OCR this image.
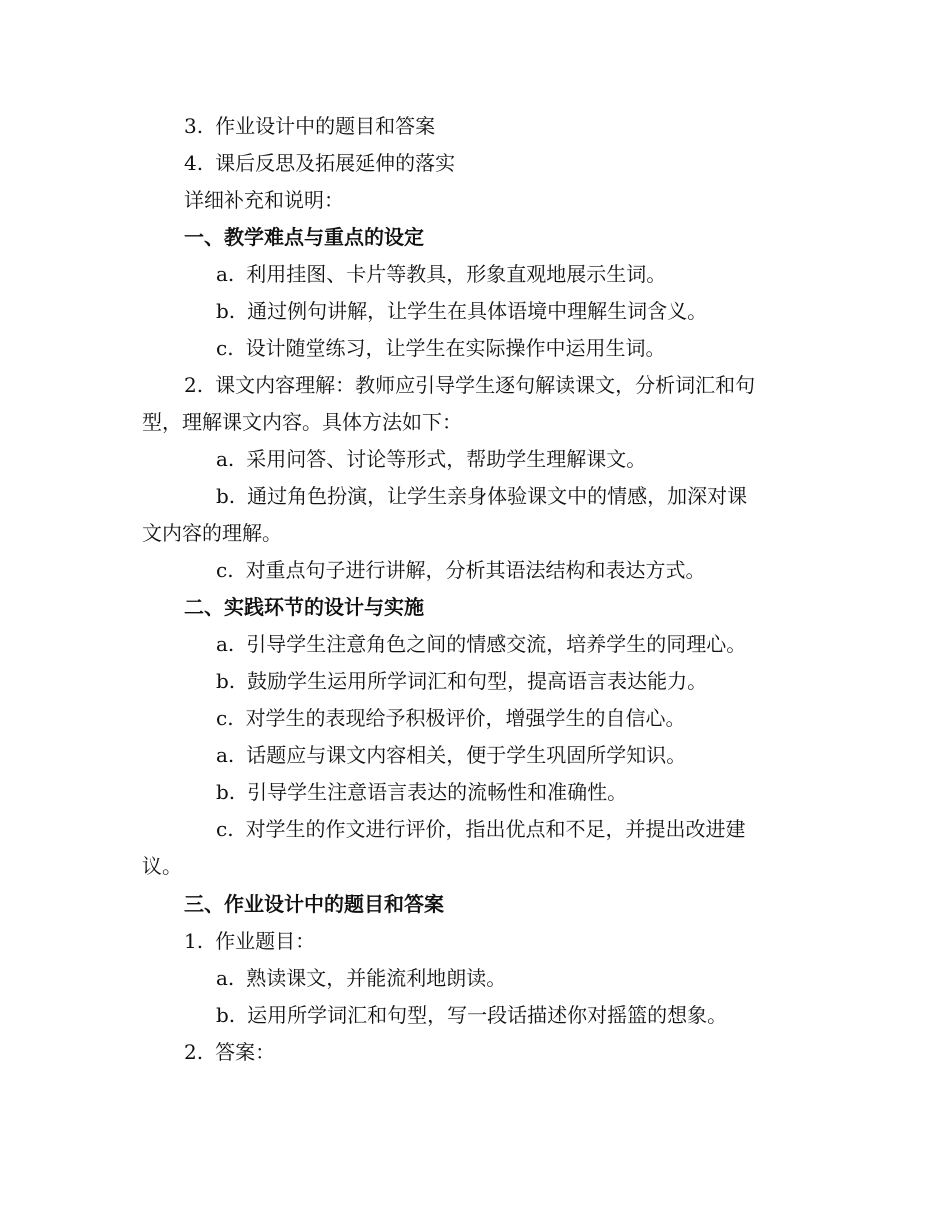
3. 作业设计中的题目和答案
4. 课后反思及拓展延伸的落实
详细补充和说明：
一、教学难点与重点的设定
a. 利用挂图、卡片等教具，形象直观地展示生词。
b. 通过例句讲解，让学生在具体语境中理解生词含义。
c. 设计随堂练习，让学生在实际操作中运用生词。
2. 课文内容理解：教师应引导学生逐句解读课文，分析词汇和句
型，理解课文内容。具体方法如下：
a. 采用问答、讨论等形式，帮助学生理解课文。
b. 通过角色扮演，让学生亲身体验课文中的情感，加深对课
文内容的理解。
c. 对重点句子进行讲解，分析其语法结构和表达方式。
二、实践环节的设计与实施
a. 引导学生注意角色之间的情感交流，培养学生的同理心。
b. 鼓励学生运用所学词汇和句型，提高语言表达能力。
c. 对学生的表现给予积极评价，增强学生的自信心。
a. 话题应与课文内容相关，便于学生巩固所学知识。
b. 引导学生注意语言表达的流畅性和准确性。
c. 对学生的作文进行评价，指出优点和不足，并提出改进建
议。
三、作业设计中的题目和答案
1. 作业题目：
a. 熟读课文，并能流利地朗读。
b. 运用所学词汇和句型，写一段话描述你对摇篮的想象。
2. 答案：
